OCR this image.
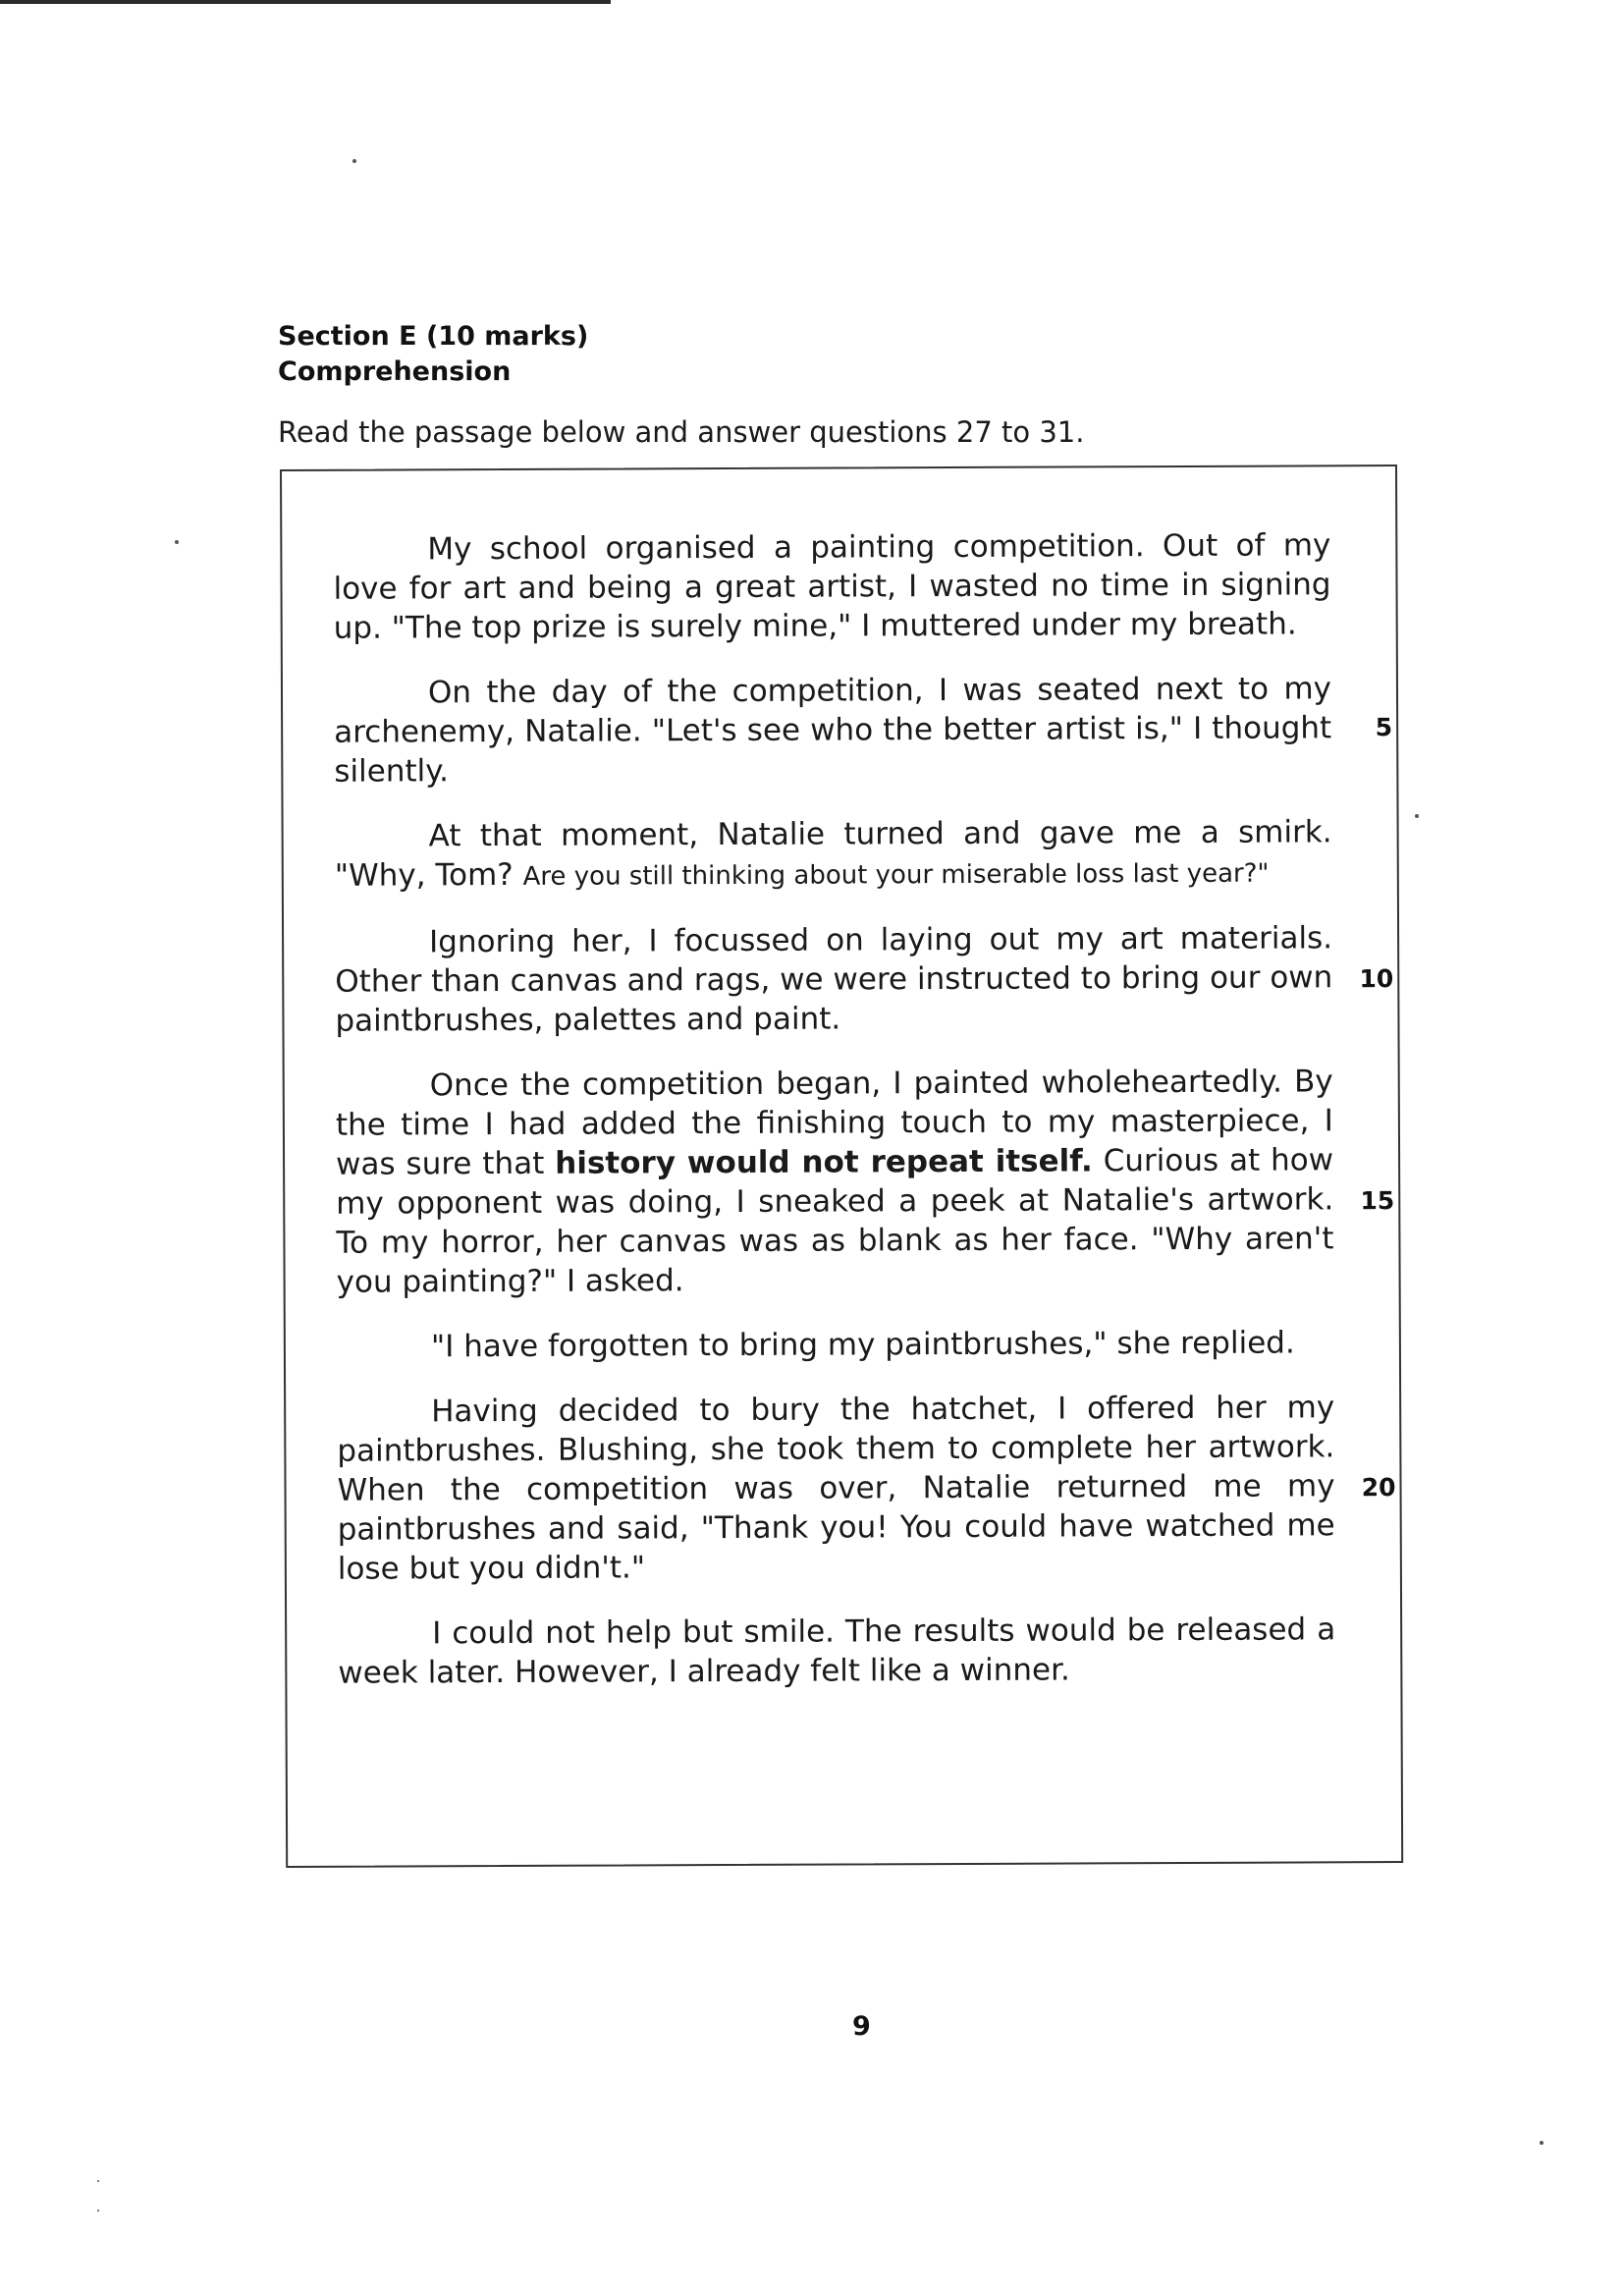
Section E (10 marks)
Comprehension
Read the passage below and answer questions 27 to 31.

My school organised a painting competition. Out of my love for art and being a great artist, I wasted no time in signing up. "The top prize is surely mine," I muttered under my breath.

On the day of the competition, I was seated next to my archenemy, Natalie. "Let's see who the better artist is," I thought silently.
5

At that moment, Natalie turned and gave me a smirk. "Why, Tom? Are you still thinking about your miserable loss last year?"

Ignoring her, I focussed on laying out my art materials. Other than canvas and rags, we were instructed to bring our own paintbrushes, palettes and paint.
10

Once the competition began, I painted wholeheartedly. By the time I had added the finishing touch to my masterpiece, I was sure that history would not repeat itself. Curious at how my opponent was doing, I sneaked a peek at Natalie's artwork. To my horror, her canvas was as blank as her face. "Why aren't you painting?" I asked.
15

"I have forgotten to bring my paintbrushes," she replied.

Having decided to bury the hatchet, I offered her my paintbrushes. Blushing, she took them to complete her artwork. When the competition was over, Natalie returned me my paintbrushes and said, "Thank you! You could have watched me lose but you didn't."
20

I could not help but smile. The results would be released a week later. However, I already felt like a winner.

9
